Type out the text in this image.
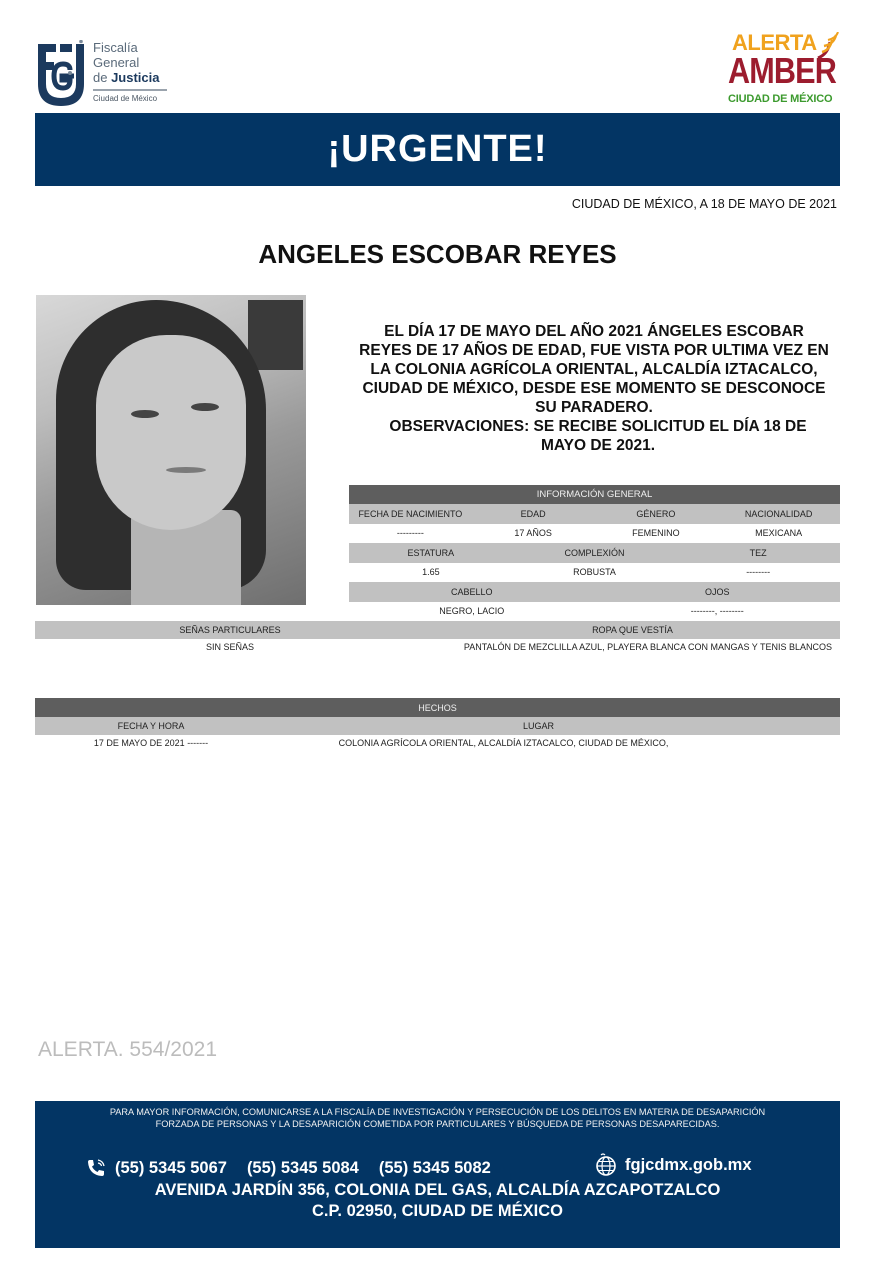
Fiscalía
General
de Justicia
Ciudad de México
ALERTA
AMBER
CIUDAD DE MÉXICO
¡URGENTE!
CIUDAD DE MÉXICO, A 18 DE MAYO DE 2021
ANGELES ESCOBAR REYES
EL DÍA 17 DE MAYO DEL AÑO 2021 ÁNGELES ESCOBAR REYES DE 17 AÑOS DE EDAD, FUE VISTA POR ULTIMA VEZ EN LA COLONIA AGRÍCOLA ORIENTAL, ALCALDÍA IZTACALCO, CIUDAD DE MÉXICO, DESDE ESE MOMENTO SE DESCONOCE SU PARADERO.
OBSERVACIONES: SE RECIBE SOLICITUD EL DÍA 18 DE MAYO DE 2021.
INFORMACIÓN GENERAL
FECHA DE NACIMIENTO	EDAD	GÉNERO	NACIONALIDAD
---------	17 AÑOS	FEMENINO	MEXICANA
ESTATURA	COMPLEXIÓN	TEZ
1.65	ROBUSTA	--------
CABELLO	OJOS
NEGRO, LACIO	--------, --------
SEÑAS PARTICULARES	ROPA QUE VESTÍA
SIN SEÑAS	PANTALÓN DE MEZCLILLA AZUL, PLAYERA BLANCA CON MANGAS Y TENIS BLANCOS
HECHOS
FECHA Y HORA	LUGAR
17 DE MAYO DE 2021 -------	COLONIA AGRÍCOLA ORIENTAL, ALCALDÍA IZTACALCO, CIUDAD DE MÉXICO,
ALERTA. 554/2021
PARA MAYOR INFORMACIÓN, COMUNICARSE A LA FISCALÍA DE INVESTIGACIÓN Y PERSECUCIÓN DE LOS DELITOS EN MATERIA DE DESAPARICIÓN
FORZADA DE PERSONAS Y LA DESAPARICIÓN COMETIDA POR PARTICULARES Y BÚSQUEDA DE PERSONAS DESAPARECIDAS.
(55) 5345 5067 (55) 5345 5084 (55) 5345 5082	fgjcdmx.gob.mx
AVENIDA JARDÍN 356, COLONIA DEL GAS, ALCALDÍA AZCAPOTZALCO
C.P. 02950, CIUDAD DE MÉXICO
